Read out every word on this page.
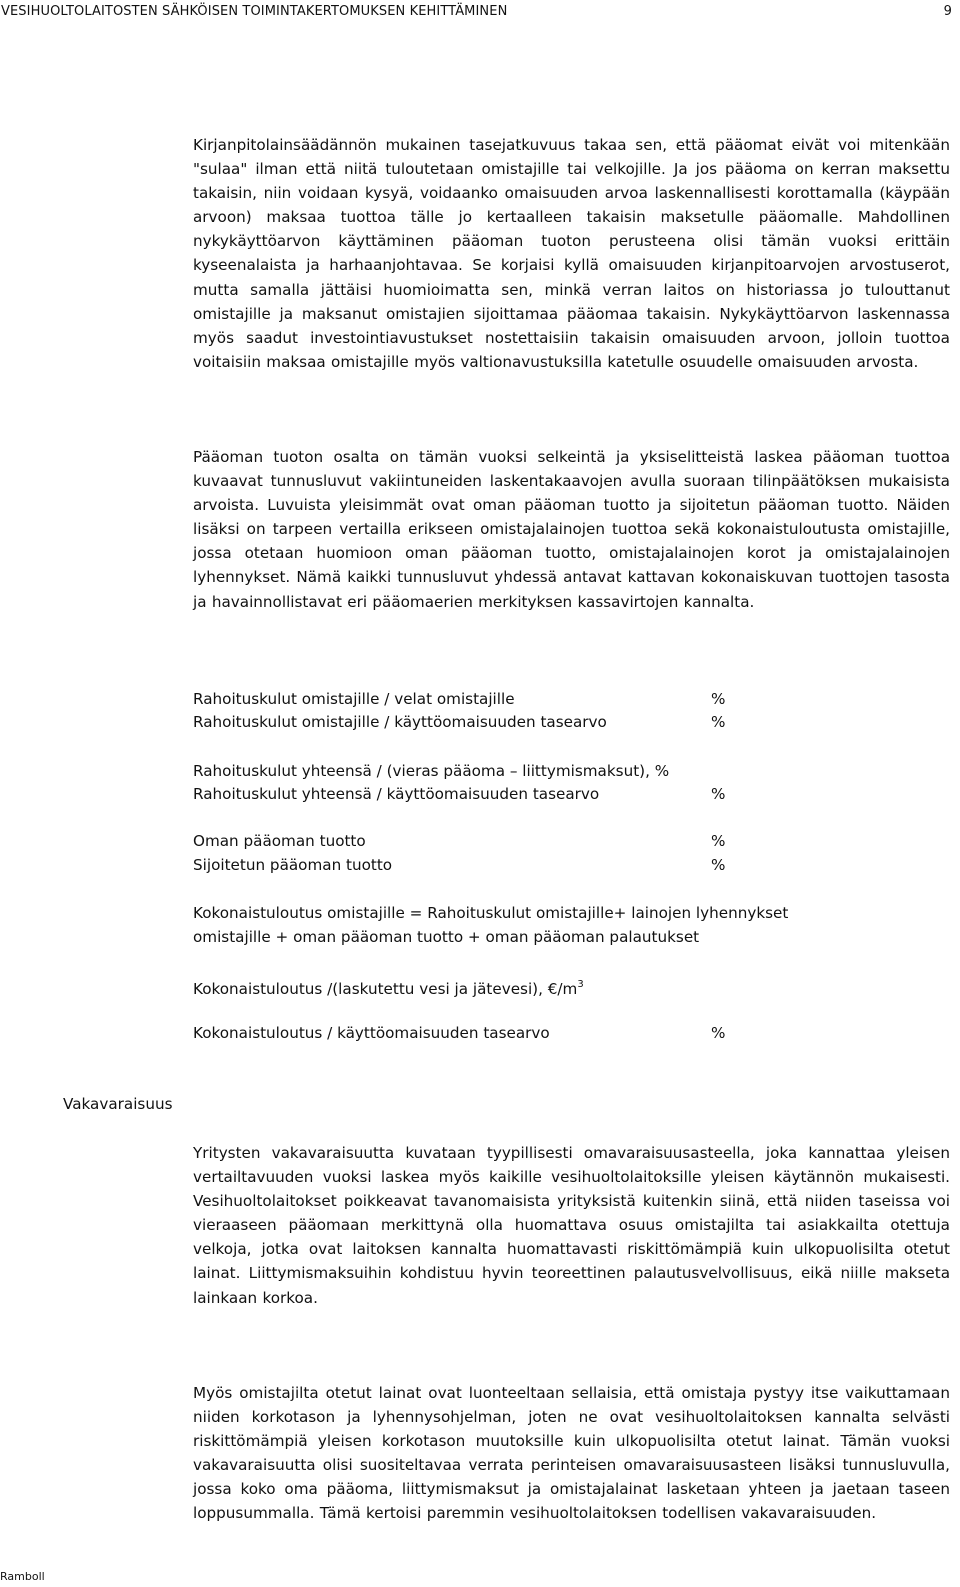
VESIHUOLTOLAITOSTEN SÄHKÖISEN TOIMINTAKERTOMUKSEN KEHITTÄMINEN	9

Kirjanpitolainsäädännön mukainen tasejatkuvuus takaa sen, että pääomat eivät voi mitenkään "sulaa" ilman että niitä tuloutetaan omistajille tai velkojille. Ja jos pääoma on kerran maksettu takaisin, niin voidaan kysyä, voidaanko omaisuuden arvoa laskennallisesti korottamalla (käypään arvoon) maksaa tuottoa tälle jo kertaalleen takaisin maksetulle pääomalle. Mahdollinen nykykäyttöarvon käyttäminen pääoman tuoton perusteena olisi tämän vuoksi erittäin kyseenalaista ja harhaanjohtavaa. Se korjaisi kyllä omaisuuden kirjanpitoarvojen arvostuserot, mutta samalla jättäisi huomioimatta sen, minkä verran laitos on historiassa jo tulouttanut omistajille ja maksanut omistajien sijoittamaa pääomaa takaisin. Nykykäyttöarvon laskennassa myös saadut investointiavustukset nostettaisiin takaisin omaisuuden arvoon, jolloin tuottoa voitaisiin maksaa omistajille myös valtionavustuksilla katetulle osuudelle omaisuuden arvosta.

Pääoman tuoton osalta on tämän vuoksi selkeintä ja yksiselitteistä laskea pääoman tuottoa kuvaavat tunnusluvut vakiintuneiden laskentakaavojen avulla suoraan tilinpäätöksen mukaisista arvoista. Luvuista yleisimmät ovat oman pääoman tuotto ja sijoitetun pääoman tuotto. Näiden lisäksi on tarpeen vertailla erikseen omistajalainojen tuottoa sekä kokonaistuloutusta omistajille, jossa otetaan huomioon oman pääoman tuotto, omistajalainojen korot ja omistajalainojen lyhennykset. Nämä kaikki tunnusluvut yhdessä antavat kattavan kokonaiskuvan tuottojen tasosta ja havainnollistavat eri pääomaerien merkityksen kassavirtojen kannalta.

Rahoituskulut omistajille / velat omistajille	%
Rahoituskulut omistajille / käyttöomaisuuden tasearvo	%
Rahoituskulut yhteensä / (vieras pääoma – liittymismaksut), %
Rahoituskulut yhteensä / käyttöomaisuuden tasearvo	%
Oman pääoman tuotto	%
Sijoitetun pääoman tuotto	%
Kokonaistuloutus omistajille = Rahoituskulut omistajille+ lainojen lyhennykset
omistajille + oman pääoman tuotto + oman pääoman palautukset
Kokonaistuloutus /(laskutettu vesi ja jätevesi), $€/m^3$
Kokonaistuloutus / käyttöomaisuuden tasearvo	%
Vakavaraisuus

Yritysten vakavaraisuutta kuvataan tyypillisesti omavaraisuusasteella, joka kannattaa yleisen vertailtavuuden vuoksi laskea myös kaikille vesihuoltolaitoksille yleisen käytännön mukaisesti. Vesihuoltolaitokset poikkeavat tavanomaisista yrityksistä kuitenkin siinä, että niiden taseissa voi vieraaseen pääomaan merkittynä olla huomattava osuus omistajilta tai asiakkailta otettuja velkoja, jotka ovat laitoksen kannalta huomattavasti riskittömämpiä kuin ulkopuolisilta otetut lainat. Liittymismaksuihin kohdistuu hyvin teoreettinen palautusvelvollisuus, eikä niille makseta lainkaan korkoa.

Myös omistajilta otetut lainat ovat luonteeltaan sellaisia, että omistaja pystyy itse vaikuttamaan niiden korkotason ja lyhennysohjelman, joten ne ovat vesihuoltolaitoksen kannalta selvästi riskittömämpiä yleisen korkotason muutoksille kuin ulkopuolisilta otetut lainat. Tämän vuoksi vakavaraisuutta olisi suositeltavaa verrata perinteisen omavaraisuusasteen lisäksi tunnusluvulla, jossa koko oma pääoma, liittymismaksut ja omistajalainat lasketaan yhteen ja jaetaan taseen loppusummalla. Tämä kertoisi paremmin vesihuoltolaitoksen todellisen vakavaraisuuden.

Ramboll
